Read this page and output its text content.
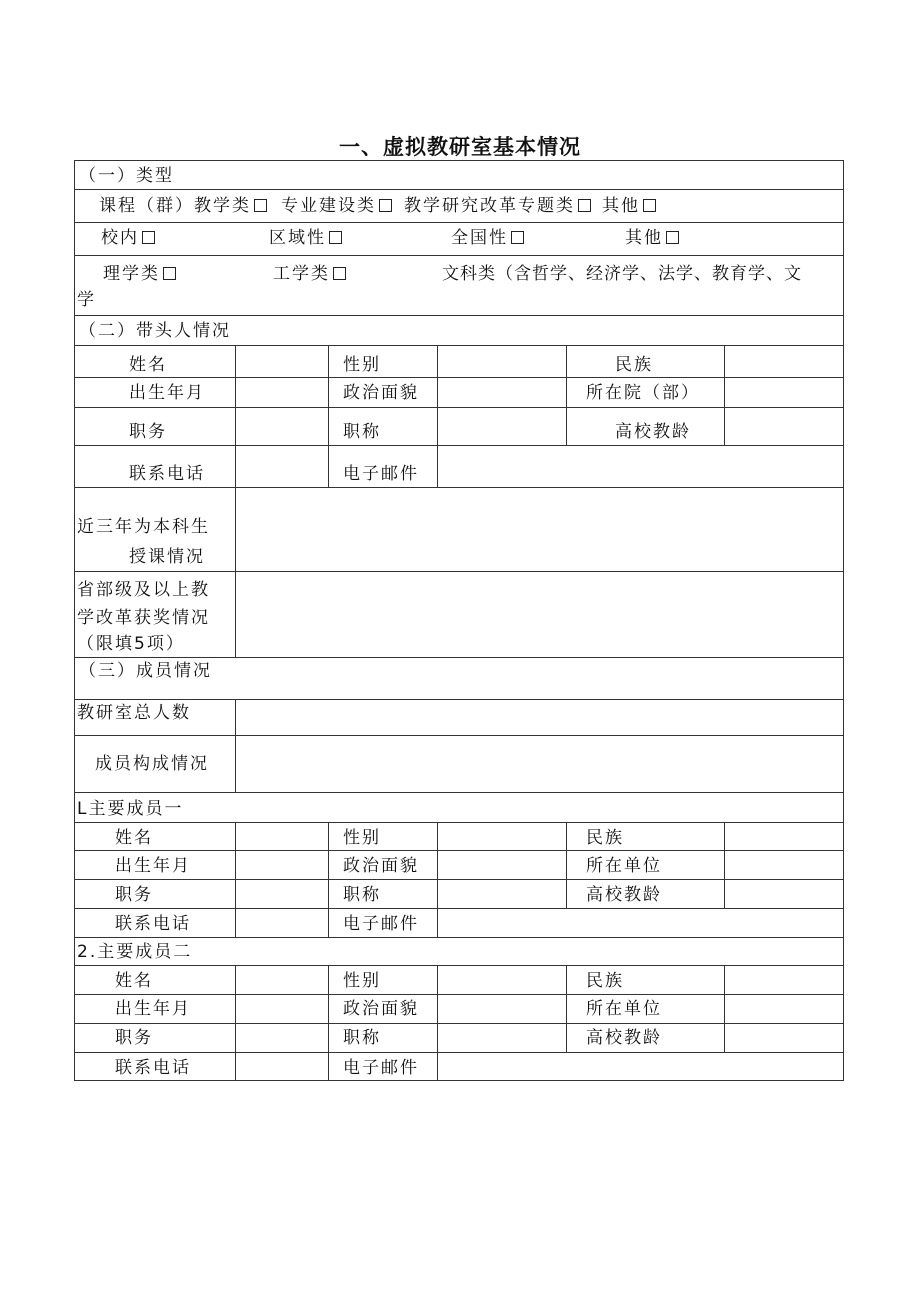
一、虚拟教研室基本情况
（一）类型
课程（群）教学类	专业建设类	教学研究改革专题类	其他
校内	区域性	全国性	其他
理学类	工学类	文科类（含哲学、经济学、法学、教育学、文
学
（二）带头人情况
姓名	性别	民族
出生年月	政治面貌	所在院（部）
职务	职称	高校教龄
联系电话	电子邮件
近三年为本科生
授课情况
省部级及以上教
学改革获奖情况
（限填5项）
（三）成员情况
教研室总人数
成员构成情况
L主要成员一
姓名	性别	民族
出生年月	政治面貌	所在单位
职务	职称	高校教龄
联系电话	电子邮件
2.主要成员二
姓名	性别	民族
出生年月	政治面貌	所在单位
职务	职称	高校教龄
联系电话	电子邮件
